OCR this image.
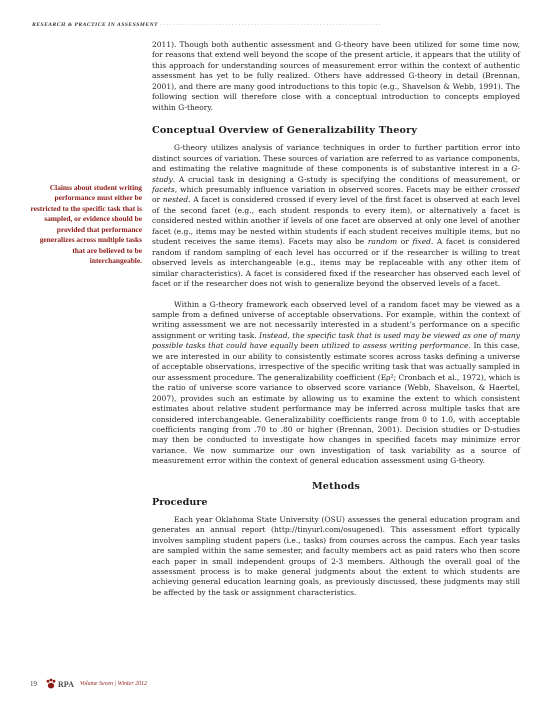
RESEARCH & PRACTICE IN ASSESSMENT ····································································
Claims about student writing performance must either be restricted to the specific task that is sampled, or evidence should be provided that performance generalizes across multiple tasks that are believed to be interchangeable.

2011). Though both authentic assessment and G-theory have been utilized for some time now, for reasons that extend well beyond the scope of the present article, it appears that the utility of this approach for understanding sources of measurement error within the context of authentic assessment has yet to be fully realized. Others have addressed G-theory in detail (Brennan, 2001), and there are many good introductions to this topic (e.g., Shavelson & Webb, 1991). The following section will therefore close with a conceptual introduction to concepts employed within G-theory.

Conceptual Overview of Generalizability Theory

G-theory utilizes analysis of variance techniques in order to further partition error into distinct sources of variation. These sources of variation are referred to as variance components, and estimating the relative magnitude of these components is of substantive interest in a G-study. A crucial task in designing a G-study is specifying the conditions of measurement, or facets, which presumably influence variation in observed scores. Facets may be either crossed or nested. A facet is considered crossed if every level of the first facet is observed at each level of the second facet (e.g., each student responds to every item), or alternatively a facet is considered nested within another if levels of one facet are observed at only one level of another facet (e.g., items may be nested within students if each student receives multiple items, but no student receives the same items). Facets may also be random or fixed. A facet is considered random if random sampling of each level has occurred or if the researcher is willing to treat observed levels as interchangeable (e.g., items may be replaceable with any other item of similar characteristics). A facet is considered fixed if the researcher has observed each level of facet or if the researcher does not wish to generalize beyond the observed levels of a facet.

Within a G-theory framework each observed level of a random facet may be viewed as a sample from a defined universe of acceptable observations. For example, within the context of writing assessment we are not necessarily interested in a student’s performance on a specific assignment or writing task. Instead, the specific task that is used may be viewed as one of many possible tasks that could have equally been utilized to assess writing performance. In this case, we are interested in our ability to consistently estimate scores across tasks defining a universe of acceptable observations, irrespective of the specific writing task that was actually sampled in our assessment procedure. The generalizability coefficient (Eρ²; Cronbach et al., 1972), which is the ratio of universe score variance to observed score variance (Webb, Shavelson, & Haertel, 2007), provides such an estimate by allowing us to examine the extent to which consistent estimates about relative student performance may be inferred across multiple tasks that are considered interchangeable. Generalizability coefficients range from 0 to 1.0, with acceptable coefficients ranging from .70 to .80 or higher (Brennan, 2001). Decision studies or D-studies may then be conducted to investigate how changes in specified facets may minimize error variance. We now summarize our own investigation of task variability as a source of measurement error within the context of general education assessment using G-theory.

Methods
Procedure

Each year Oklahoma State University (OSU) assesses the general education program and generates an annual report (http://tinyurl.com/osugened). This assessment effort typically involves sampling student papers (i.e., tasks) from courses across the campus. Each year tasks are sampled within the same semester, and faculty members act as paid raters who then score each paper in small independent groups of 2-3 members. Although the overall goal of the assessment process is to make general judgments about the extent to which students are achieving general education learning goals, as previously discussed, these judgments may still be affected by the task or assignment characteristics.

19	RPA Volume Seven | Winter 2012
